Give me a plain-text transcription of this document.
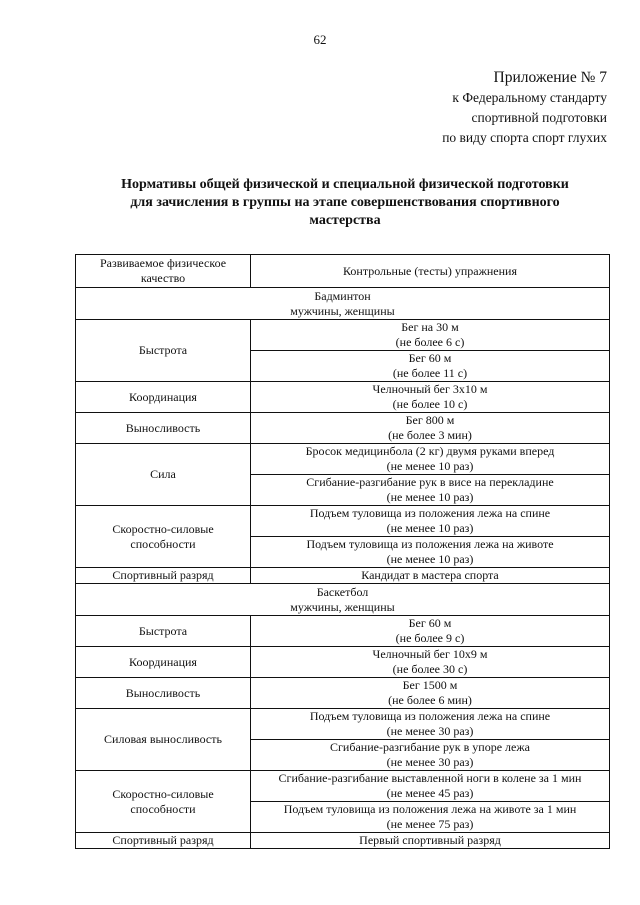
62
Приложение № 7
к Федеральному стандарту
спортивной подготовки
по виду спорта спорт глухих
Нормативы общей физической и специальной физической подготовки
для зачисления в группы на этапе совершенствования спортивного
мастерства
Развиваемое физическое
качество	Контрольные (тесты) упражнения

Бадминтон
мужчины, женщины	

Быстрота	Бег на 30 м
(не более 6 с)

	Бег 60 м
(не более 11 с)

Координация	Челночный бег 3х10 м
(не более 10 с)

Выносливость	Бег 800 м
(не более 3 мин)

Сила	Бросок медицинбола (2 кг) двумя руками вперед
(не менее 10 раз)

	Сгибание-разгибание рук в висе на перекладине
(не менее 10 раз)

Скоростно-силовые
способности	Подъем туловища из положения лежа на спине
(не менее 10 раз)

	Подъем туловища из положения лежа на животе
(не менее 10 раз)

Спортивный разряд	Кандидат в мастера спорта

Баскетбол
мужчины, женщины	

Быстрота	Бег 60 м
(не более 9 с)

Координация	Челночный бег 10х9 м
(не более 30 с)

Выносливость	Бег 1500 м
(не более 6 мин)

Силовая выносливость	Подъем туловища из положения лежа на спине
(не менее 30 раз)

	Сгибание-разгибание рук в упоре лежа
(не менее 30 раз)

Скоростно-силовые
способности	Сгибание-разгибание выставленной ноги в колене за 1 мин
(не менее 45 раз)

	Подъем туловища из положения лежа на животе за 1 мин
(не менее 75 раз)

Спортивный разряд	Первый спортивный разряд
